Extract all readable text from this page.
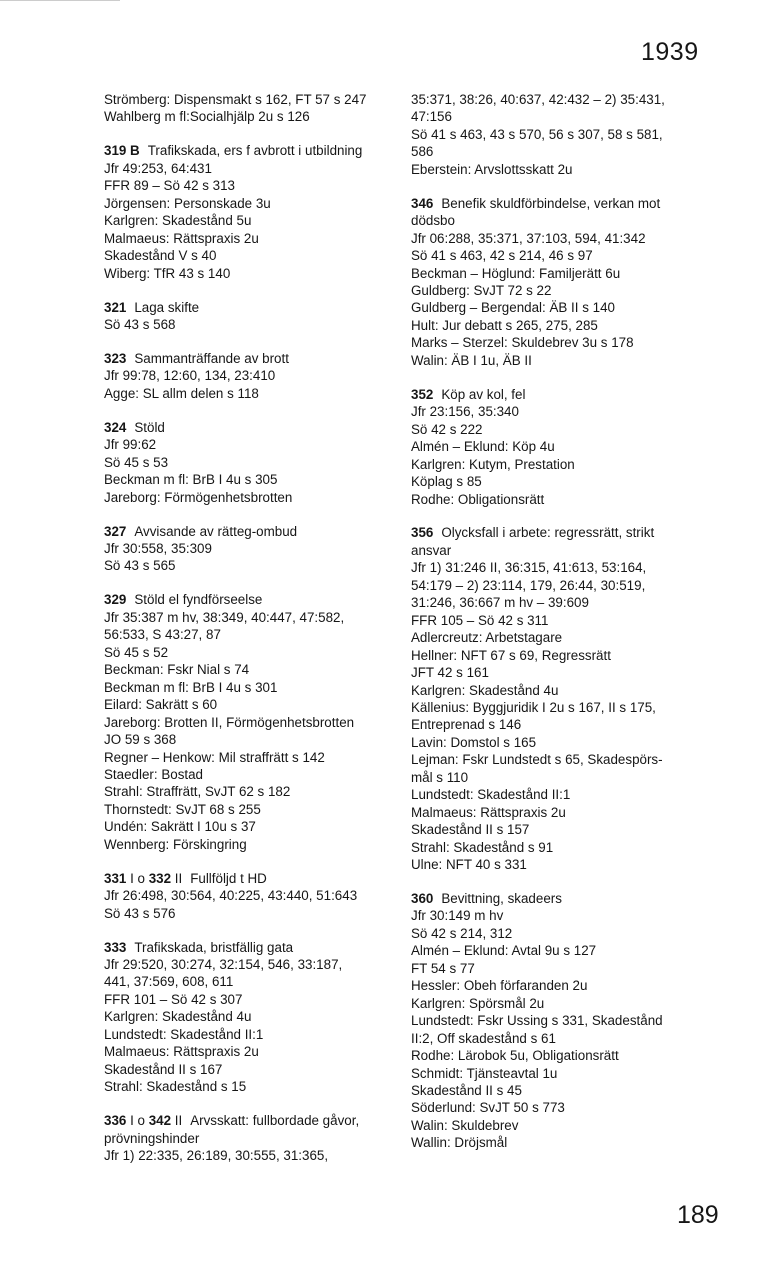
1939
Strömberg: Dispensmakt s 162, FT 57 s 247
Wahlberg m fl:Socialhjälp 2u s 126
319 B Trafikskada, ers f avbrott i utbildning
Jfr 49:253, 64:431
FFR 89 – Sö 42 s 313
Jörgensen: Personskade 3u
Karlgren: Skadestånd 5u
Malmaeus: Rättspraxis 2u
Skadestånd V s 40
Wiberg: TfR 43 s 140
321 Laga skifte
Sö 43 s 568
323 Sammanträffande av brott
Jfr 99:78, 12:60, 134, 23:410
Agge: SL allm delen s 118
324 Stöld
Jfr 99:62
Sö 45 s 53
Beckman m fl: BrB I 4u s 305
Jareborg: Förmögenhetsbrotten
327 Avvisande av rätteg-ombud
Jfr 30:558, 35:309
Sö 43 s 565
329 Stöld el fyndförseelse
Jfr 35:387 m hv, 38:349, 40:447, 47:582,
56:533, S 43:27, 87
Sö 45 s 52
Beckman: Fskr Nial s 74
Beckman m fl: BrB I 4u s 301
Eilard: Sakrätt s 60
Jareborg: Brotten II, Förmögenhetsbrotten
JO 59 s 368
Regner – Henkow: Mil straffrätt s 142
Staedler: Bostad
Strahl: Straffrätt, SvJT 62 s 182
Thornstedt: SvJT 68 s 255
Undén: Sakrätt I 10u s 37
Wennberg: Förskingring
331 I o 332 II Fullföljd t HD
Jfr 26:498, 30:564, 40:225, 43:440, 51:643
Sö 43 s 576
333 Trafikskada, bristfällig gata
Jfr 29:520, 30:274, 32:154, 546, 33:187,
441, 37:569, 608, 611
FFR 101 – Sö 42 s 307
Karlgren: Skadestånd 4u
Lundstedt: Skadestånd II:1
Malmaeus: Rättspraxis 2u
Skadestånd II s 167
Strahl: Skadestånd s 15
336 I o 342 II Arvsskatt: fullbordade gåvor,
prövningshinder
Jfr 1) 22:335, 26:189, 30:555, 31:365,
35:371, 38:26, 40:637, 42:432 – 2) 35:431,
47:156
Sö 41 s 463, 43 s 570, 56 s 307, 58 s 581,
586
Eberstein: Arvslottsskatt 2u
346 Benefik skuldförbindelse, verkan mot
dödsbo
Jfr 06:288, 35:371, 37:103, 594, 41:342
Sö 41 s 463, 42 s 214, 46 s 97
Beckman – Höglund: Familjerätt 6u
Guldberg: SvJT 72 s 22
Guldberg – Bergendal: ÄB II s 140
Hult: Jur debatt s 265, 275, 285
Marks – Sterzel: Skuldebrev 3u s 178
Walin: ÄB I 1u, ÄB II
352 Köp av kol, fel
Jfr 23:156, 35:340
Sö 42 s 222
Almén – Eklund: Köp 4u
Karlgren: Kutym, Prestation
Köplag s 85
Rodhe: Obligationsrätt
356 Olycksfall i arbete: regressrätt, strikt
ansvar
Jfr 1) 31:246 II, 36:315, 41:613, 53:164,
54:179 – 2) 23:114, 179, 26:44, 30:519,
31:246, 36:667 m hv – 39:609
FFR 105 – Sö 42 s 311
Adlercreutz: Arbetstagare
Hellner: NFT 67 s 69, Regressrätt
JFT 42 s 161
Karlgren: Skadestånd 4u
Källenius: Byggjuridik I 2u s 167, II s 175,
Entreprenad s 146
Lavin: Domstol s 165
Lejman: Fskr Lundstedt s 65, Skadespörs-
mål s 110
Lundstedt: Skadestånd II:1
Malmaeus: Rättspraxis 2u
Skadestånd II s 157
Strahl: Skadestånd s 91
Ulne: NFT 40 s 331
360 Bevittning, skadeers
Jfr 30:149 m hv
Sö 42 s 214, 312
Almén – Eklund: Avtal 9u s 127
FT 54 s 77
Hessler: Obeh förfaranden 2u
Karlgren: Spörsmål 2u
Lundstedt: Fskr Ussing s 331, Skadestånd
II:2, Off skadestånd s 61
Rodhe: Lärobok 5u, Obligationsrätt
Schmidt: Tjänsteavtal 1u
Skadestånd II s 45
Söderlund: SvJT 50 s 773
Walin: Skuldebrev
Wallin: Dröjsmål
189
